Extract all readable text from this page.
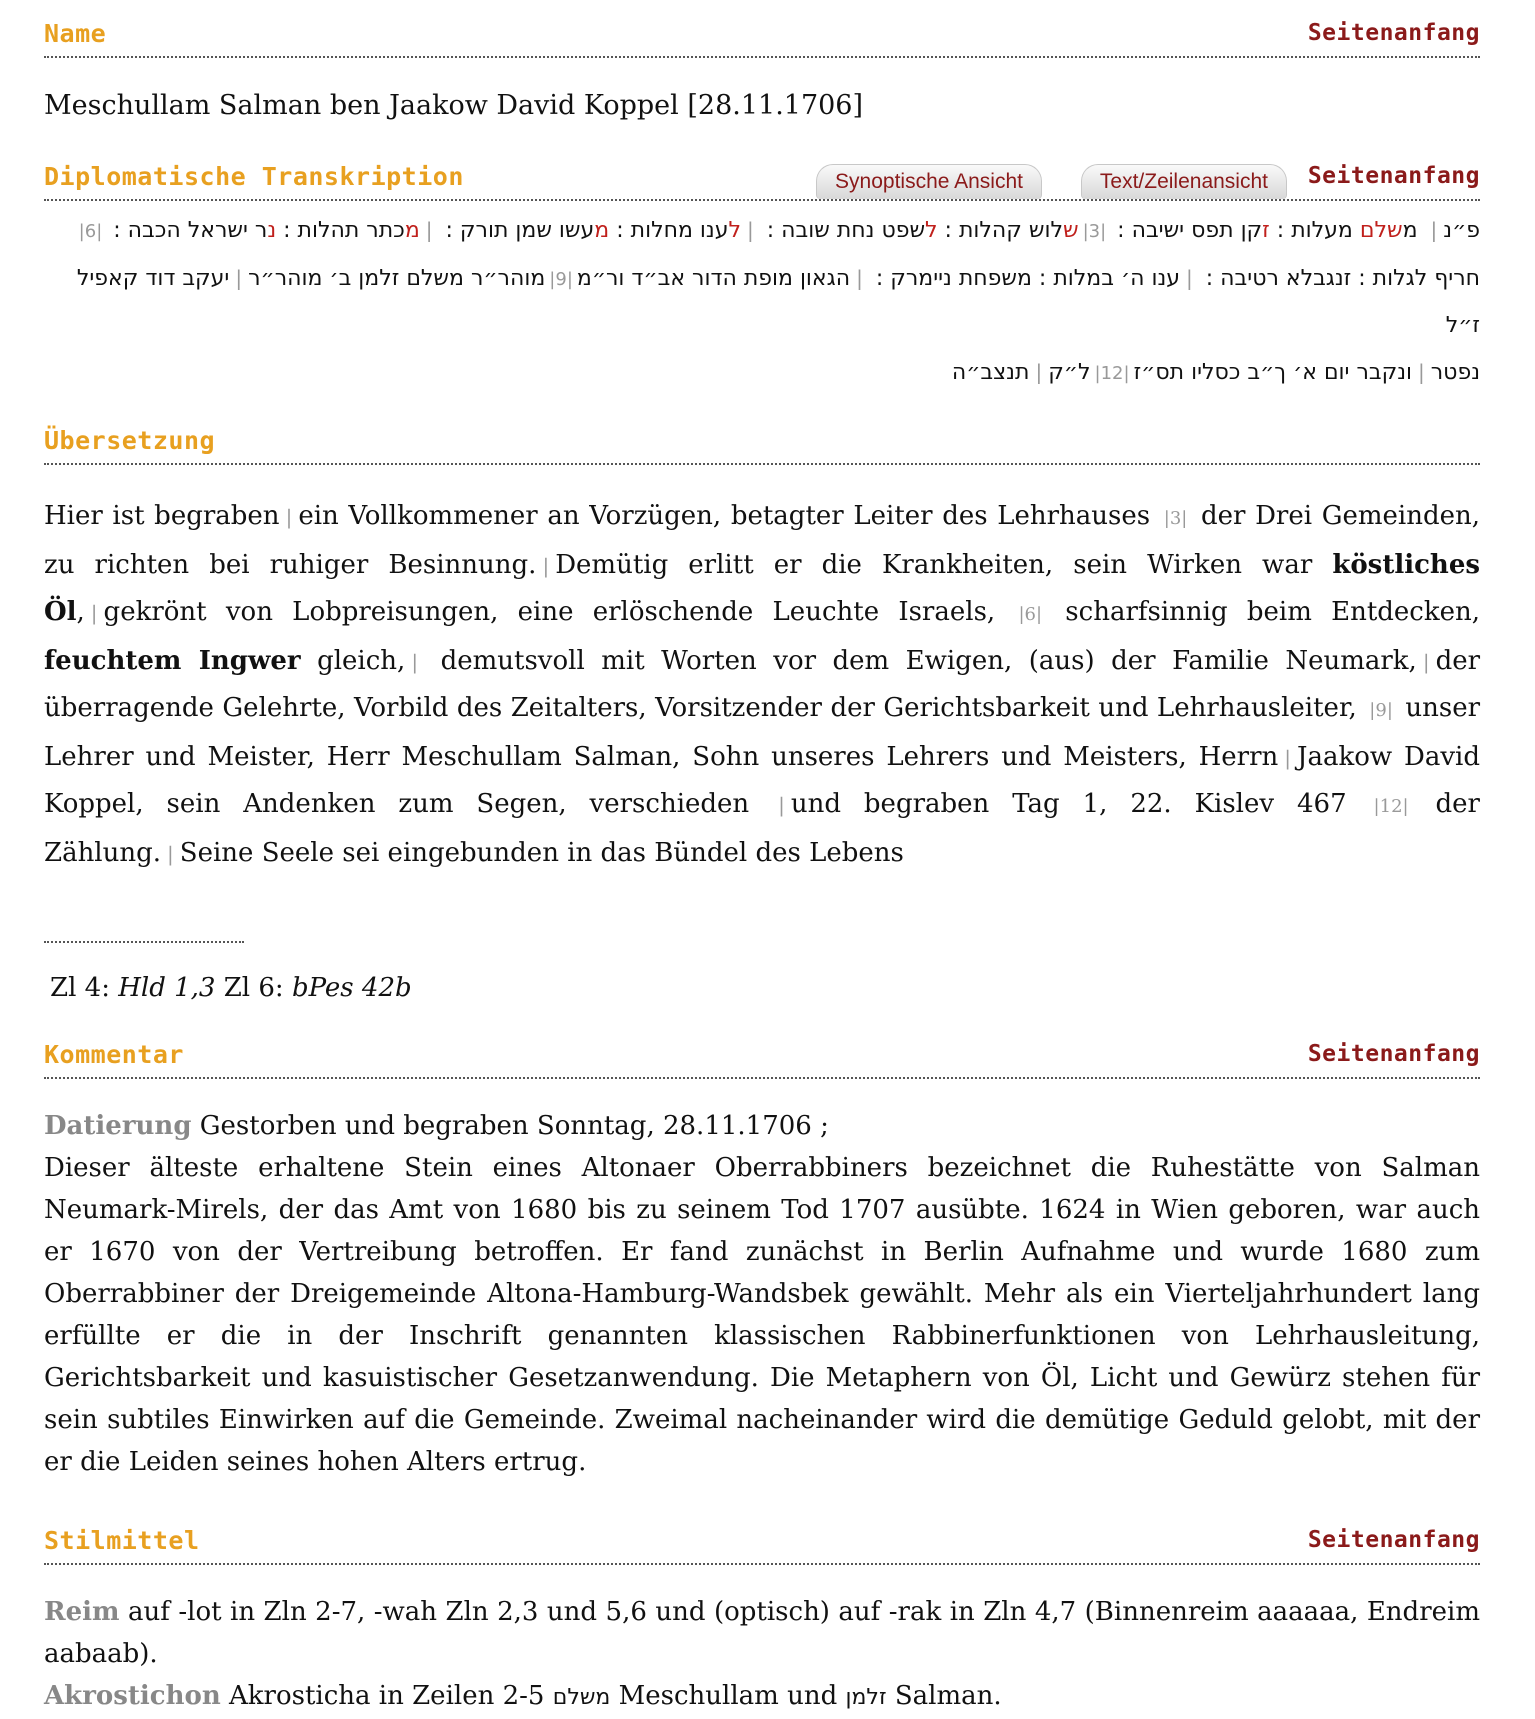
Name	Seitenanfang
Meschullam Salman ben Jaakow David Koppel [28.11.1706]
Diplomatische Transkription	Synoptische Ansicht	Text/Zeilenansicht	Seitenanfang
פ״נ| משלם מעלות : זקן תפס ישיבה : |3|שלוש קהלות : לשפט נחת שובה : |לענו מחלות : מעשו שמן תורק : |מכתר תהלות : נר ישראל הכבה : |6|
חריף לגלות : זנגבלא רטיבה : |ענו ה׳ במלות : משפחת ניימרק : |הגאון מופת הדור אב״ד ור״מ|9|מוהר״ר משלם זלמן ב׳ מוהר״ר|יעקב דוד קאפיל ז״ל
נפטר|ונקבר יום א׳ ך״ב כסליו תס״ז|12|ל״ק|תנצב״ה
Übersetzung
Hier ist begraben | ein Vollkommener an Vorzügen, betagter Leiter des Lehrhauses |3| der Drei Gemeinden, zu richten bei ruhiger Besinnung. | Demütig erlitt er die Krankheiten, sein Wirken war köstliches Öl, | gekrönt von Lobpreisungen, eine erlöschende Leuchte Israels, |6| scharfsinnig beim Entdecken, feuchtem Ingwer gleich, | demutsvoll mit Worten vor dem Ewigen, (aus) der Familie Neumark, | der überragende Gelehrte, Vorbild des Zeitalters, Vorsitzender der Gerichtsbarkeit und Lehrhausleiter, |9| unser Lehrer und Meister, Herr Meschullam Salman, Sohn unseres Lehrers und Meisters, Herrn | Jaakow David Koppel, sein Andenken zum Segen, verschieden | und begraben Tag 1, 22. Kislev 467 |12| der Zählung. | Seine Seele sei eingebunden in das Bündel des Lebens
Zl 4: Hld 1,3 Zl 6: bPes 42b
Kommentar	Seitenanfang
Datierung Gestorben und begraben Sonntag, 28.11.1706 ;
Dieser älteste erhaltene Stein eines Altonaer Oberrabbiners bezeichnet die Ruhestätte von Salman Neumark-Mirels, der das Amt von 1680 bis zu seinem Tod 1707 ausübte. 1624 in Wien geboren, war auch er 1670 von der Vertreibung betroffen. Er fand zunächst in Berlin Aufnahme und wurde 1680 zum Oberrabbiner der Dreigemeinde Altona-Hamburg-Wandsbek gewählt. Mehr als ein Vierteljahrhundert lang erfüllte er die in der Inschrift genannten klassischen Rabbinerfunktionen von Lehrhausleitung, Gerichtsbarkeit und kasuistischer Gesetzanwendung. Die Metaphern von Öl, Licht und Gewürz stehen für sein subtiles Einwirken auf die Gemeinde. Zweimal nacheinander wird die demütige Geduld gelobt, mit der er die Leiden seines hohen Alters ertrug.
Stilmittel	Seitenanfang
Reim auf -lot in Zln 2-7, -wah Zln 2,3 und 5,6 und (optisch) auf -rak in Zln 4,7 (Binnenreim aaaaaa, Endreim aabaab).
Akrostichon Akrosticha in Zeilen 2-5 משלם Meschullam und זלמן Salman.
